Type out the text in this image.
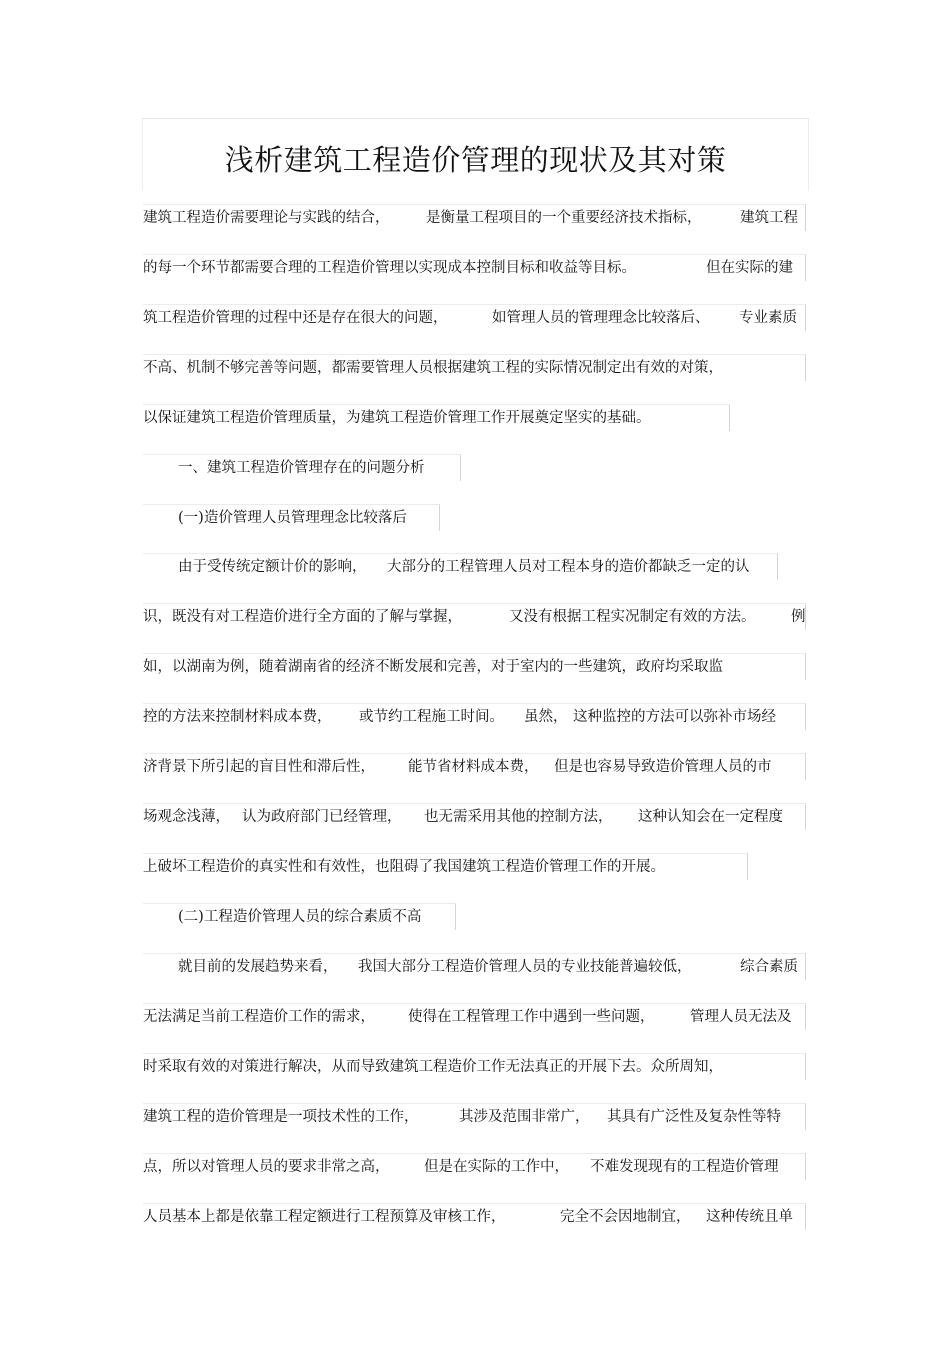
浅析建筑工程造价管理的现状及其对策
建筑工程造价需要理论与实践的结合，	是衡量工程项目的一个重要经济技术指标，	建筑工程
的每一个环节都需要合理的工程造价管理以实现成本控制目标和收益等目标。	但在实际的建
筑工程造价管理的过程中还是存在很大的问题，	如管理人员的管理理念比较落后、 专业素质
不高、机制不够完善等问题，都需要管理人员根据建筑工程的实际情况制定出有效的对策，
以保证建筑工程造价管理质量，为建筑工程造价管理工作开展奠定坚实的基础。
一、建筑工程造价管理存在的问题分析
(一)造价管理人员管理理念比较落后
由于受传统定额计价的影响， 大部分的工程管理人员对工程本身的造价都缺乏一定的认
识，既没有对工程造价进行全方面的了解与掌握，	又没有根据工程实况制定有效的方法。 例
如，以湖南为例，随着湖南省的经济不断发展和完善，对于室内的一些建筑，政府均采取监
控的方法来控制材料成本费， 或节约工程施工时间。 虽然， 这种监控的方法可以弥补市场经
济背景下所引起的盲目性和滞后性， 能节省材料成本费， 但是也容易导致造价管理人员的市
场观念浅薄， 认为政府部门已经管理， 也无需采用其他的控制方法， 这种认知会在一定程度
上破坏工程造价的真实性和有效性，也阻碍了我国建筑工程造价管理工作的开展。
(二)工程造价管理人员的综合素质不高
就目前的发展趋势来看， 我国大部分工程造价管理人员的专业技能普遍较低，	综合素质
无法满足当前工程造价工作的需求， 使得在工程管理工作中遇到一些问题， 管理人员无法及
时采取有效的对策进行解决，从而导致建筑工程造价工作无法真正的开展下去。众所周知，
建筑工程的造价管理是一项技术性的工作，	其涉及范围非常广， 其具有广泛性及复杂性等特
点，所以对管理人员的要求非常之高， 但是在实际的工作中， 不难发现现有的工程造价管理
人员基本上都是依靠工程定额进行工程预算及审核工作，	完全不会因地制宜， 这种传统且单
